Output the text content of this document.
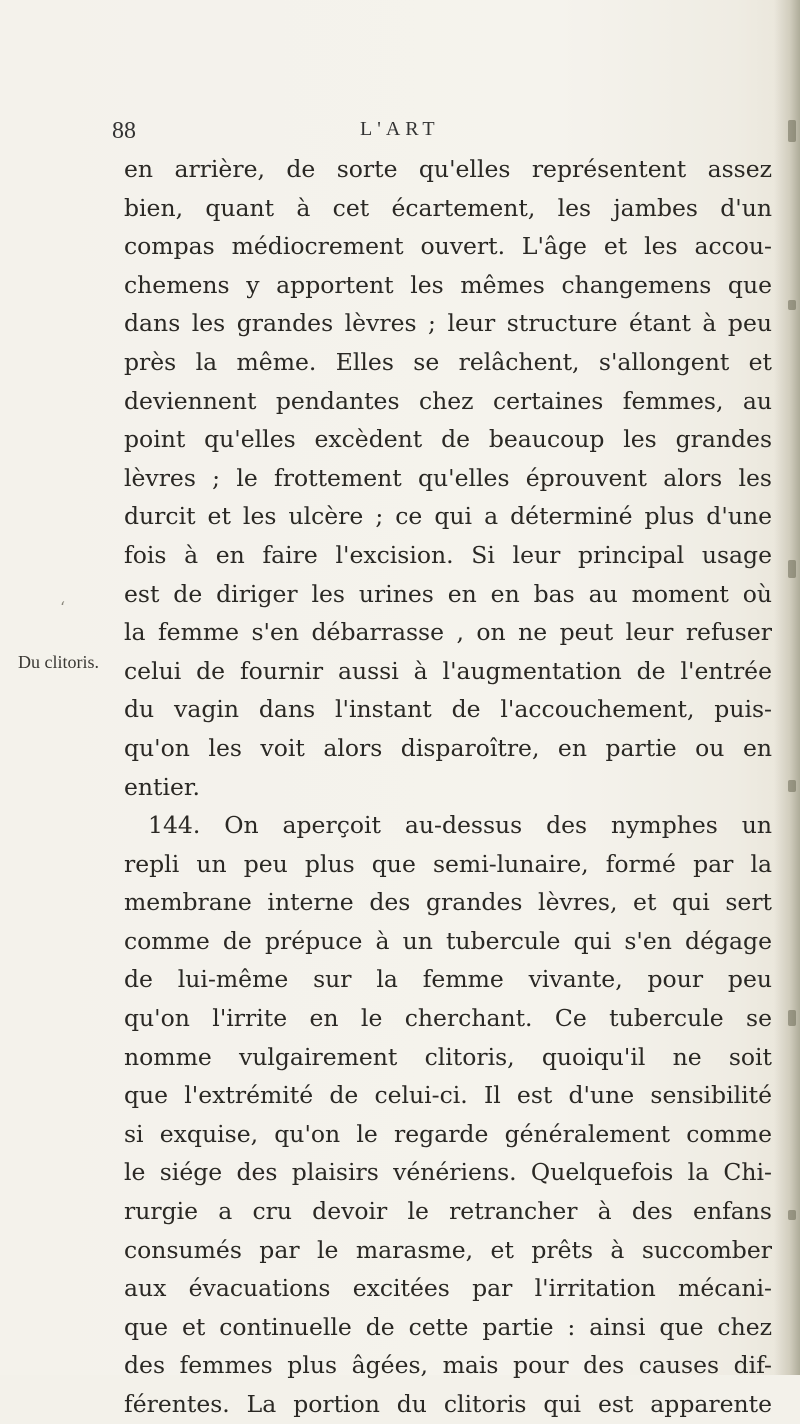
88	L'ART
Du clitoris.
ʻ
en arrière, de sorte qu'elles représentent assez
bien, quant à cet écartement, les jambes d'un
compas médiocrement ouvert. L'âge et les accou-
chemens y apportent les mêmes changemens que
dans les grandes lèvres ; leur structure étant à peu
près la même. Elles se relâchent, s'allongent et
deviennent pendantes chez certaines femmes, au
point qu'elles excèdent de beaucoup les grandes
lèvres ; le frottement qu'elles éprouvent alors les
durcit et les ulcère ; ce qui a déterminé plus d'une
fois à en faire l'excision. Si leur principal usage
est de diriger les urines en en bas au moment où
la femme s'en débarrasse , on ne peut leur refuser
celui de fournir aussi à l'augmentation de l'entrée
du vagin dans l'instant de l'accouchement, puis-
qu'on les voit alors disparoître, en partie ou en
entier.
144. On aperçoit au-dessus des nymphes un
repli un peu plus que semi-lunaire, formé par la
membrane interne des grandes lèvres, et qui sert
comme de prépuce à un tubercule qui s'en dégage
de lui-même sur la femme vivante, pour peu
qu'on l'irrite en le cherchant. Ce tubercule se
nomme vulgairement clitoris, quoiqu'il ne soit
que l'extrémité de celui-ci. Il est d'une sensibilité
si exquise, qu'on le regarde généralement comme
le siége des plaisirs vénériens. Quelquefois la Chi-
rurgie a cru devoir le retrancher à des enfans
consumés par le marasme, et prêts à succomber
aux évacuations excitées par l'irritation mécani-
que et continuelle de cette partie : ainsi que chez
des femmes plus âgées, mais pour des causes dif-
férentes. La portion du clitoris qui est apparente
